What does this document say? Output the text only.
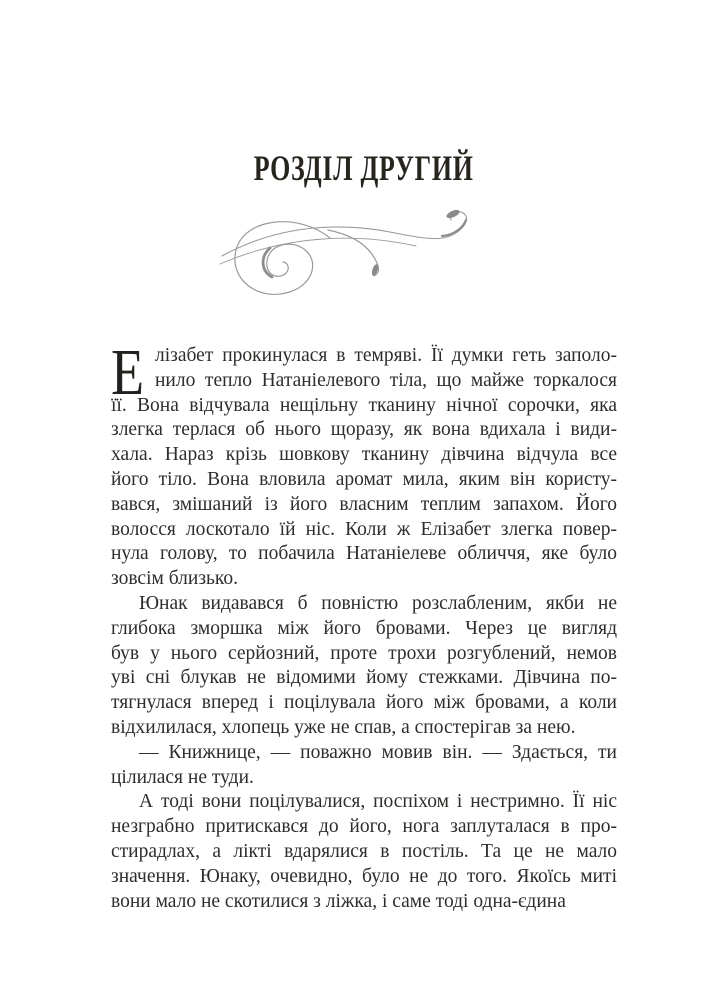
РОЗДІЛ ДРУГИЙ
Е лізабет прокинулася в темряві. Її думки геть заполо-
нило тепло Натаніелевого тіла, що майже торкалося
її. Вона відчувала нещільну тканину нічної сорочки, яка
злегка терлася об нього щоразу, як вона вдихала і види-
хала. Нараз крізь шовкову тканину дівчина відчула все
його тіло. Вона вловила аромат мила, яким він користу-
вався, змішаний із його власним теплим запахом. Його
волосся лоскотало їй ніс. Коли ж Елізабет злегка повер-
нула голову, то побачила Натаніелеве обличчя, яке було
зовсім близько.
Юнак видавався б повністю розслабленим, якби не
глибока зморшка між його бровами. Через це вигляд
був у нього серйозний, проте трохи розгублений, немов
уві сні блукав не відомими йому стежками. Дівчина по-
тягнулася вперед і поцілувала його між бровами, а коли
відхилилася, хлопець уже не спав, а спостерігав за нею.
— Книжнице, — поважно мовив він. — Здається, ти
цілилася не туди.
А тоді вони поцілувалися, поспіхом і нестримно. Її ніс
незграбно притискався до його, нога заплуталася в про-
стирадлах, а лікті вдарялися в постіль. Та це не мало
значення. Юнаку, очевидно, було не до того. Якоїсь миті
вони мало не скотилися з ліжка, і саме тоді одна-єдина
